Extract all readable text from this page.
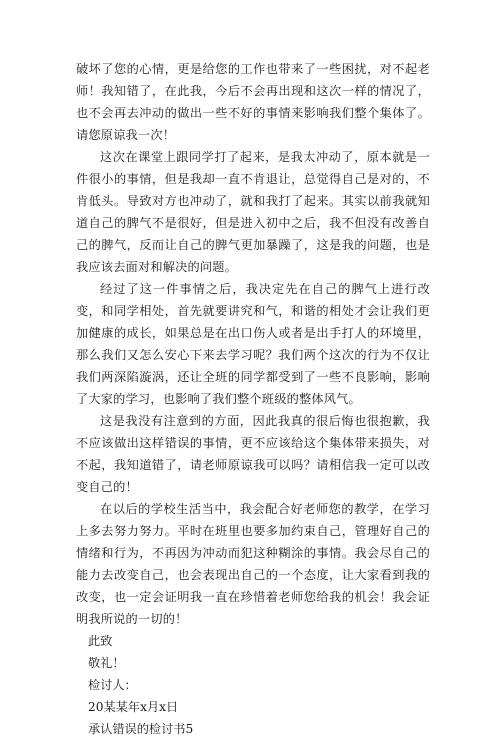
破坏了您的心情，更是给您的工作也带来了一些困扰，对不起老师！我知错了，在此我，今后不会再出现和这次一样的情况了，也不会再去冲动的做出一些不好的事情来影响我们整个集体了。请您原谅我一次！

这次在课堂上跟同学打了起来，是我太冲动了，原本就是一件很小的事情，但是我却一直不肯退让，总觉得自己是对的，不肯低头。导致对方也冲动了，就和我打了起来。其实以前我就知道自己的脾气不是很好，但是进入初中之后，我不但没有改善自己的脾气，反而让自己的脾气更加暴躁了，这是我的问题，也是我应该去面对和解决的问题。

经过了这一件事情之后，我决定先在自己的脾气上进行改变，和同学相处，首先就要讲究和气，和谐的相处才会让我们更加健康的成长，如果总是在出口伤人或者是出手打人的环境里，那么我们又怎么安心下来去学习呢？我们两个这次的行为不仅让我们两深陷漩涡，还让全班的同学都受到了一些不良影响，影响了大家的学习，也影响了我们整个班级的整体风气。

这是我没有注意到的方面，因此我真的很后悔也很抱歉，我不应该做出这样错误的事情，更不应该给这个集体带来损失，对不起，我知道错了，请老师原谅我可以吗？请相信我一定可以改变自己的！

在以后的学校生活当中，我会配合好老师您的教学，在学习上多去努力努力。平时在班里也要多加约束自己，管理好自己的情绪和行为，不再因为冲动而犯这种糊涂的事情。我会尽自己的能力去改变自己，也会表现出自己的一个态度，让大家看到我的改变，也一定会证明我一直在珍惜着老师您给我的机会！我会证明我所说的一切的！

此致

敬礼！

检讨人：

20某某年x月x日

承认错误的检讨书5
